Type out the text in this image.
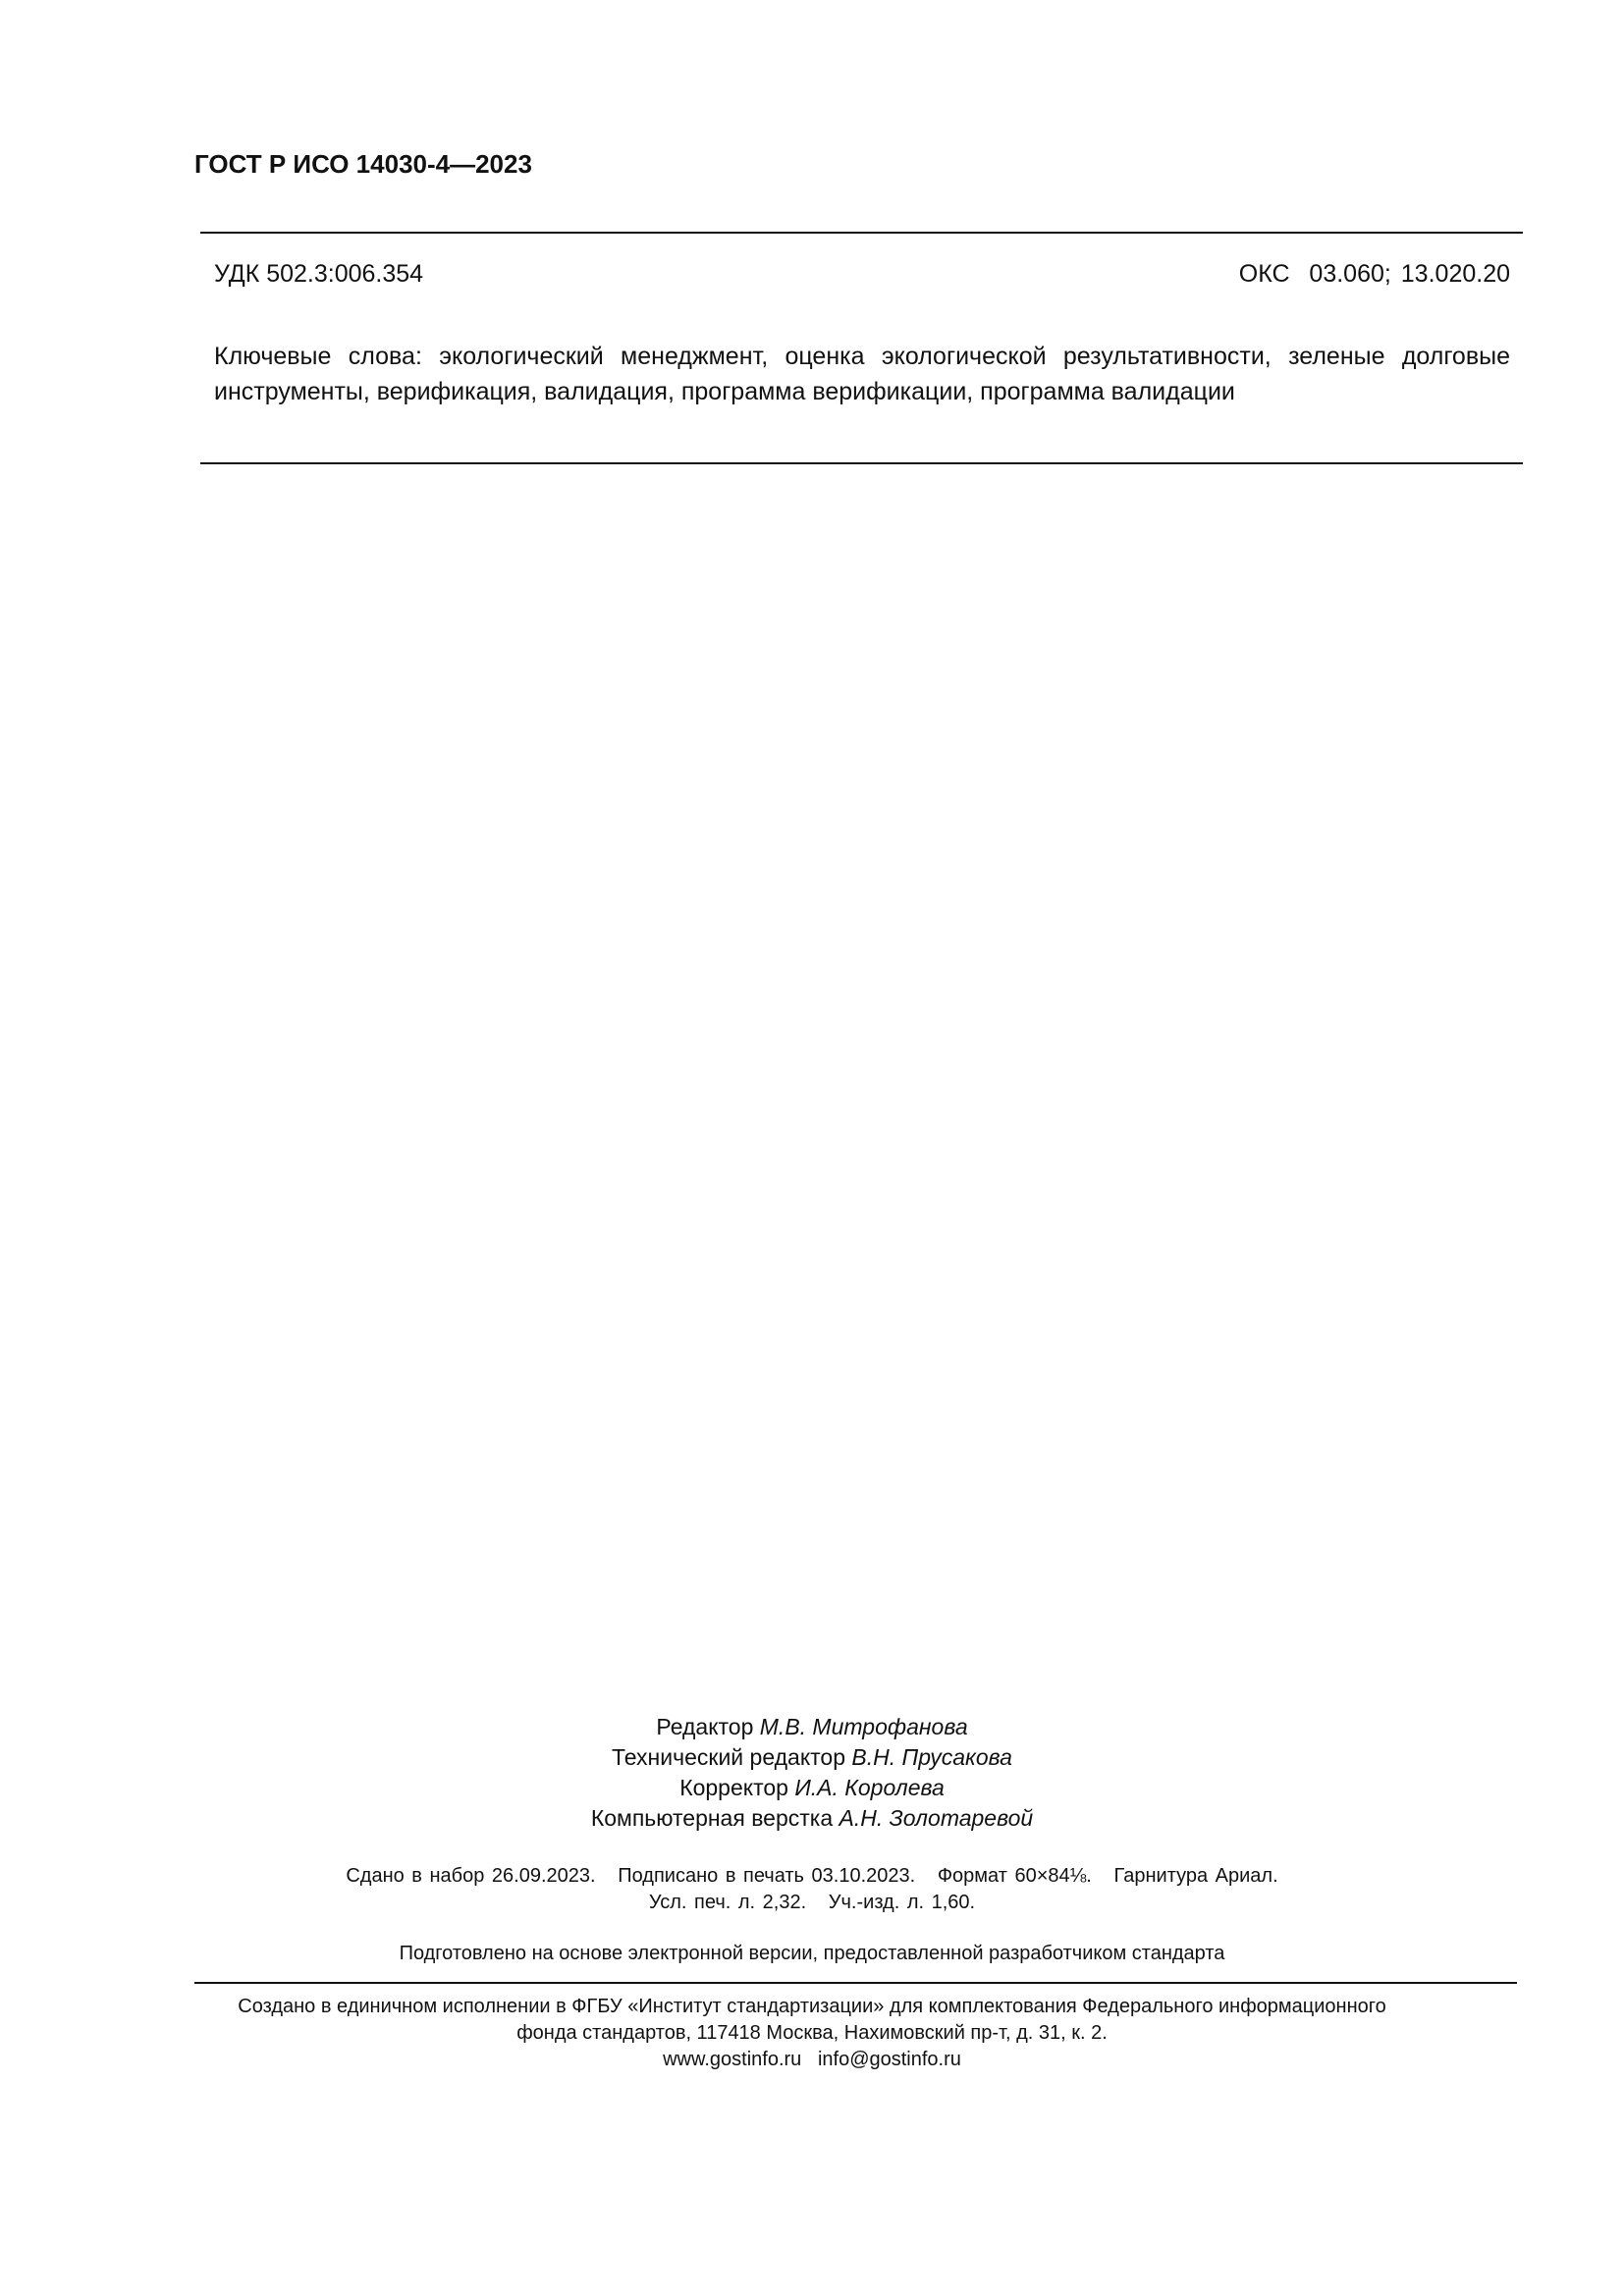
ГОСТ Р ИСО 14030-4—2023
УДК 502.3:006.354	ОКС  03.060; 13.020.20
Ключевые слова: экологический менеджмент, оценка экологической результативности, зеленые долговые инструменты, верификация, валидация, программа верификации, программа валидации
Редактор М.В. Митрофанова
Технический редактор В.Н. Прусакова
Корректор И.А. Королева
Компьютерная верстка А.Н. Золотаревой

Сдано в набор 26.09.2023.   Подписано в печать 03.10.2023.   Формат 60×84⅛.   Гарнитура Ариал.
Усл. печ. л. 2,32.   Уч.-изд. л. 1,60.
Подготовлено на основе электронной версии, предоставленной разработчиком стандарта
Создано в единичном исполнении в ФГБУ «Институт стандартизации» для комплектования Федерального информационного
фонда стандартов, 117418 Москва, Нахимовский пр-т, д. 31, к. 2.
www.gostinfo.ru info@gostinfo.ru
